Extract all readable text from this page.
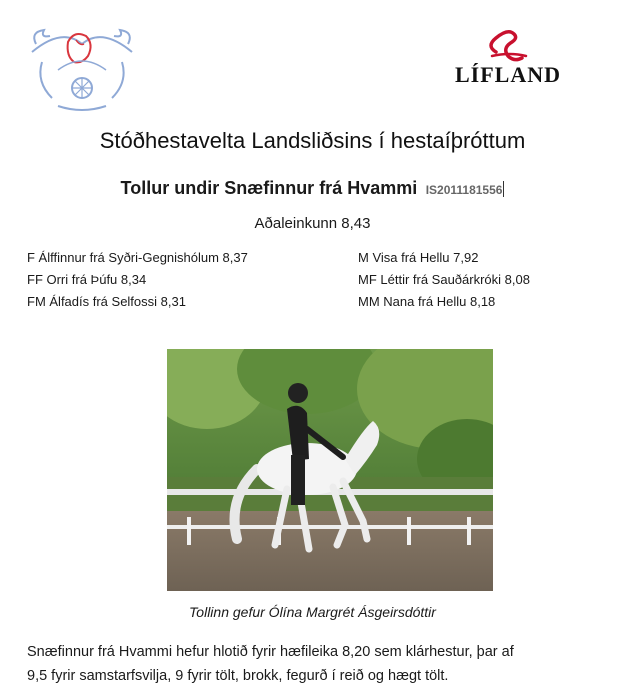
LÍFLAND
Stóðhestavelta Landsliðsins í hestaíþróttum
Tollur undir Snæfinnur frá Hvammi IS2011181556
Aðaleinkunn 8,43
F Álffinnur frá Syðri-Gegnishólum 8,37
FF Orri frá Þúfu 8,34
FM Álfadís frá Selfossi 8,31
M Visa frá Hellu 7,92
MF Léttir frá Sauðárkróki 8,08
MM Nana frá Hellu 8,18
Tollinn gefur Ólína Margrét Ásgeirsdóttir
Snæfinnur frá Hvammi hefur hlotið fyrir hæfileika 8,20 sem klárhestur, þar af
9,5 fyrir samstarfsvilja, 9 fyrir tölt, brokk, fegurð í reið og hægt tölt.
